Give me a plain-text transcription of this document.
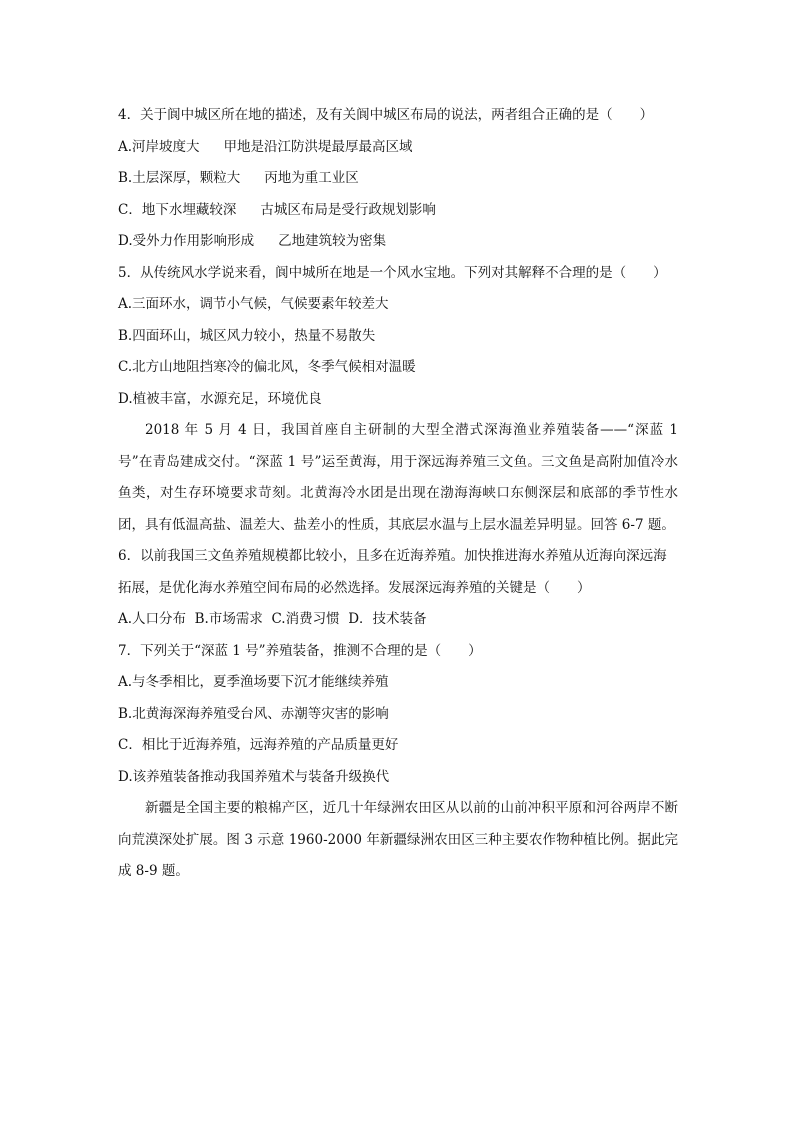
4．关于阆中城区所在地的描述，及有关阆中城区布局的说法，两者组合正确的是（　　）

A.河岸坡度大 甲地是沿江防洪堤最厚最高区域

B.土层深厚，颗粒大 丙地为重工业区

C．地下水埋藏较深 古城区布局是受行政规划影响

D.受外力作用影响形成 乙地建筑较为密集

5．从传统风水学说来看，阆中城所在地是一个风水宝地。下列对其解释不合理的是（　　）

A.三面环水，调节小气候，气候要素年较差大

B.四面环山，城区风力较小，热量不易散失

C.北方山地阻挡寒冷的偏北风，冬季气候相对温暖

D.植被丰富，水源充足，环境优良

2018 年 5 月 4 日，我国首座自主研制的大型全潜式深海渔业养殖装备——“深蓝 1 号”在青岛建成交付。“深蓝 1 号”运至黄海，用于深远海养殖三文鱼。三文鱼是高附加值冷水鱼类，对生存环境要求苛刻。北黄海冷水团是出现在渤海海峡口东侧深层和底部的季节性水团，具有低温高盐、温差大、盐差小的性质，其底层水温与上层水温差异明显。回答 6-7 题。

6．以前我国三文鱼养殖规模都比较小，且多在近海养殖。加快推进海水养殖从近海向深远海拓展，是优化海水养殖空间布局的必然选择。发展深远海养殖的关键是（　　）

A.人口分布 B.市场需求 C.消费习惯 D．技术装备

7．下列关于“深蓝 1 号”养殖装备，推测不合理的是（　　）

A.与冬季相比，夏季渔场要下沉才能继续养殖

B.北黄海深海养殖受台风、赤潮等灾害的影响

C．相比于近海养殖，远海养殖的产品质量更好

D.该养殖装备推动我国养殖术与装备升级换代

新疆是全国主要的粮棉产区，近几十年绿洲农田区从以前的山前冲积平原和河谷两岸不断向荒漠深处扩展。图 3 示意 1960-2000 年新疆绿洲农田区三种主要农作物种植比例。据此完成 8-9 题。
